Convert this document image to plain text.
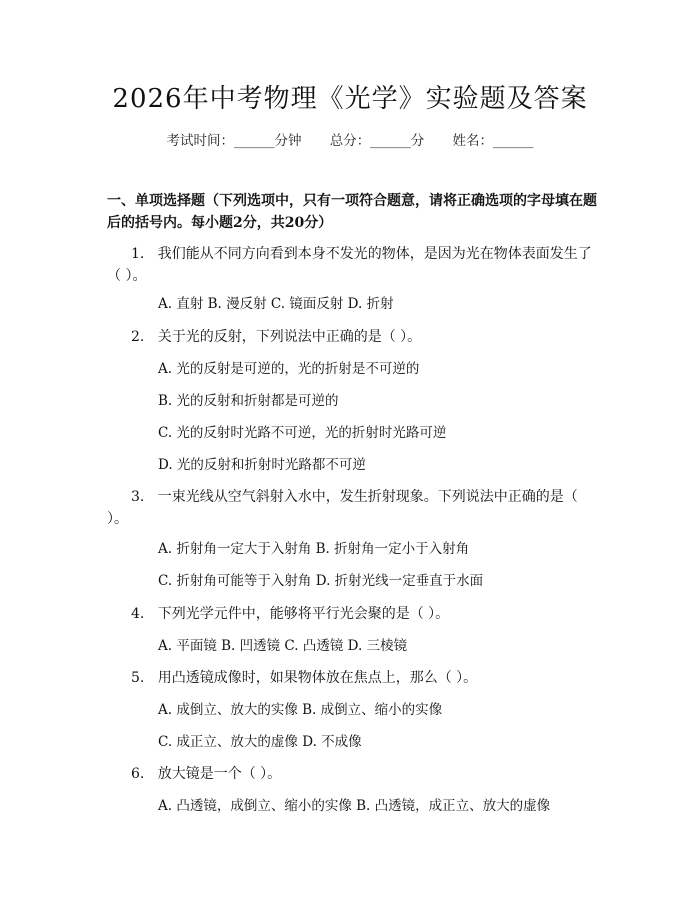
2026年中考物理《光学》实验题及答案
考试时间：______分钟 总分：______分 姓名：______
一、单项选择题（下列选项中，只有一项符合题意，请将正确选项的字母填在题后的括号内。每小题2分，共20分）
1. 我们能从不同方向看到本身不发光的物体，是因为光在物体表面发生了（ ）。
A. 直射 B. 漫反射 C. 镜面反射 D. 折射
2. 关于光的反射，下列说法中正确的是（ ）。
A. 光的反射是可逆的，光的折射是不可逆的
B. 光的反射和折射都是可逆的
C. 光的反射时光路不可逆，光的折射时光路可逆
D. 光的反射和折射时光路都不可逆
3. 一束光线从空气斜射入水中，发生折射现象。下列说法中正确的是（ ）。
A. 折射角一定大于入射角 B. 折射角一定小于入射角
C. 折射角可能等于入射角 D. 折射光线一定垂直于水面
4. 下列光学元件中，能够将平行光会聚的是（ ）。
A. 平面镜 B. 凹透镜 C. 凸透镜 D. 三棱镜
5. 用凸透镜成像时，如果物体放在焦点上，那么（ ）。
A. 成倒立、放大的实像 B. 成倒立、缩小的实像
C. 成正立、放大的虚像 D. 不成像
6. 放大镜是一个（ ）。
A. 凸透镜，成倒立、缩小的实像 B. 凸透镜，成正立、放大的虚像
